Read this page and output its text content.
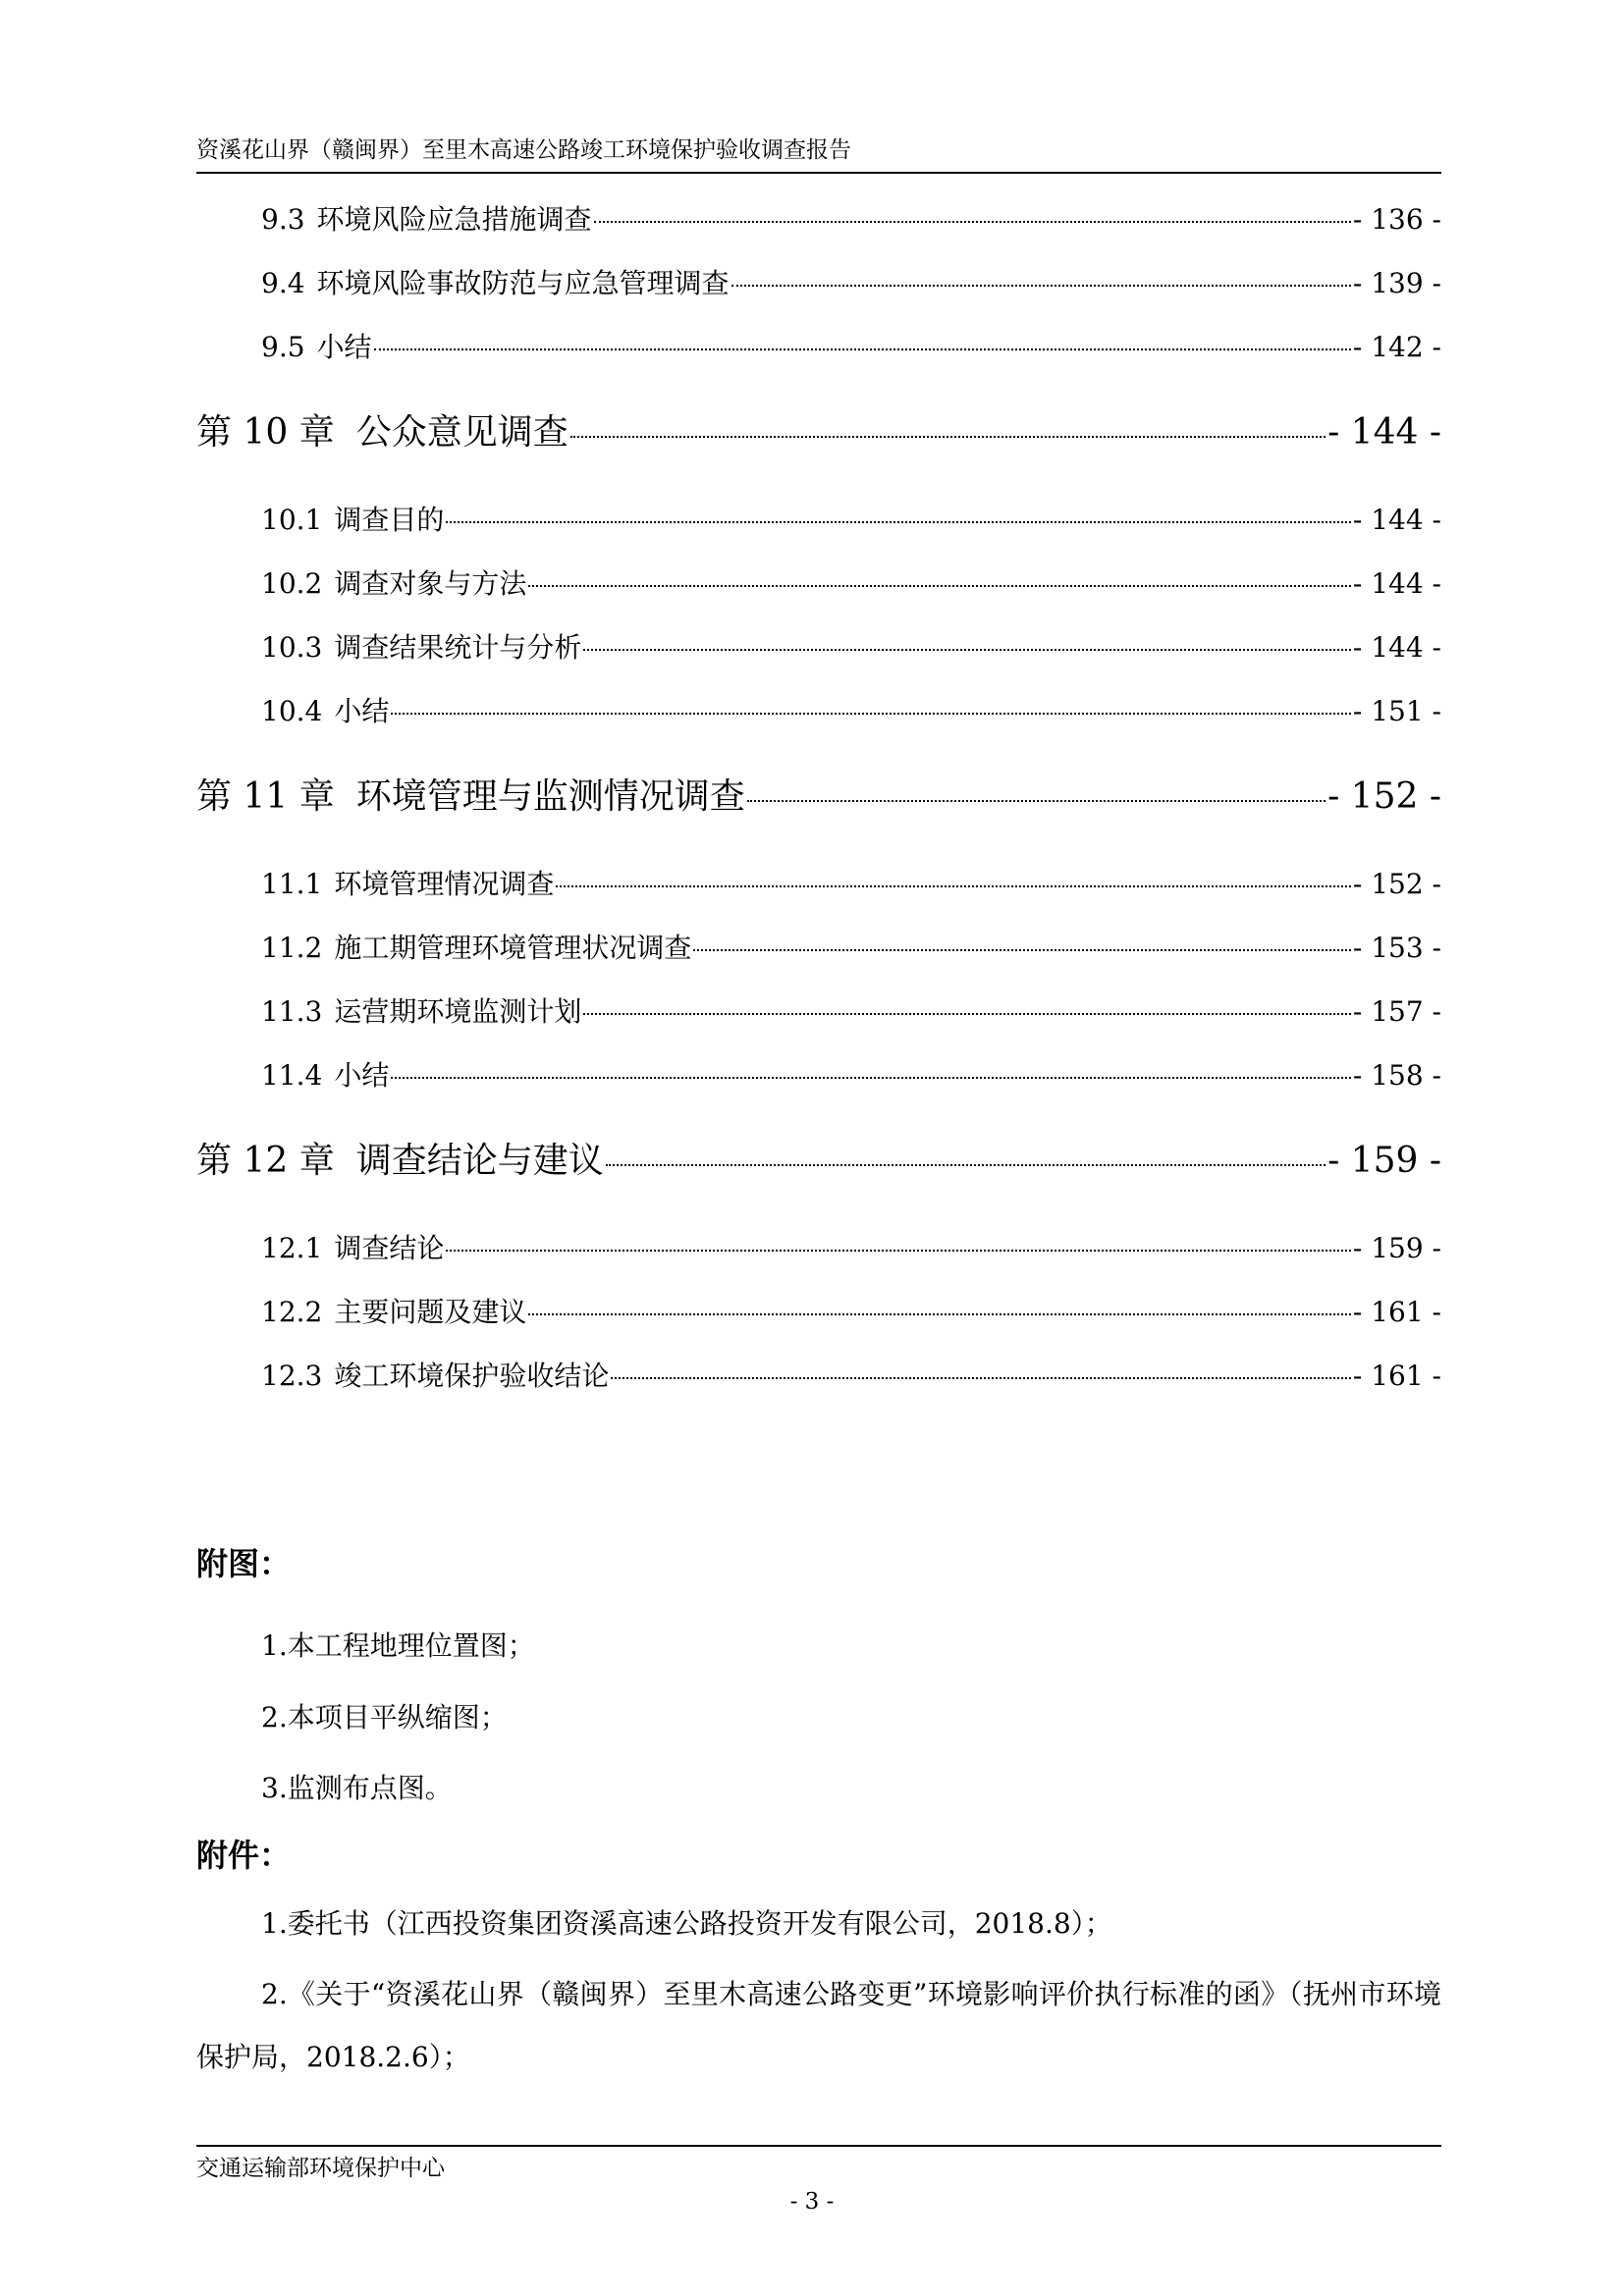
资溪花山界（赣闽界）至里木高速公路竣工环境保护验收调查报告
9.3 环境风险应急措施调查	- 136 -
9.4 环境风险事故防范与应急管理调查	- 139 -
9.5 小结	- 142 -
第 10 章 公众意见调查	- 144 -
10.1 调查目的	- 144 -
10.2 调查对象与方法	- 144 -
10.3 调查结果统计与分析	- 144 -
10.4 小结	- 151 -
第 11 章 环境管理与监测情况调查	- 152 -
11.1 环境管理情况调查	- 152 -
11.2 施工期管理环境管理状况调查	- 153 -
11.3 运营期环境监测计划	- 157 -
11.4 小结	- 158 -
第 12 章 调查结论与建议	- 159 -
12.1 调查结论	- 159 -
12.2 主要问题及建议	- 161 -
12.3 竣工环境保护验收结论	- 161 -
附图：
1.本工程地理位置图；
2.本项目平纵缩图；
3.监测布点图。
附件：
1.委托书（江西投资集团资溪高速公路投资开发有限公司，2018.8）；
2.《关于“资溪花山界（赣闽界）至里木高速公路变更”环境影响评价执行标准的函》（抚州市环境保护局，2018.2.6）；
交通运输部环境保护中心
- 3 -
